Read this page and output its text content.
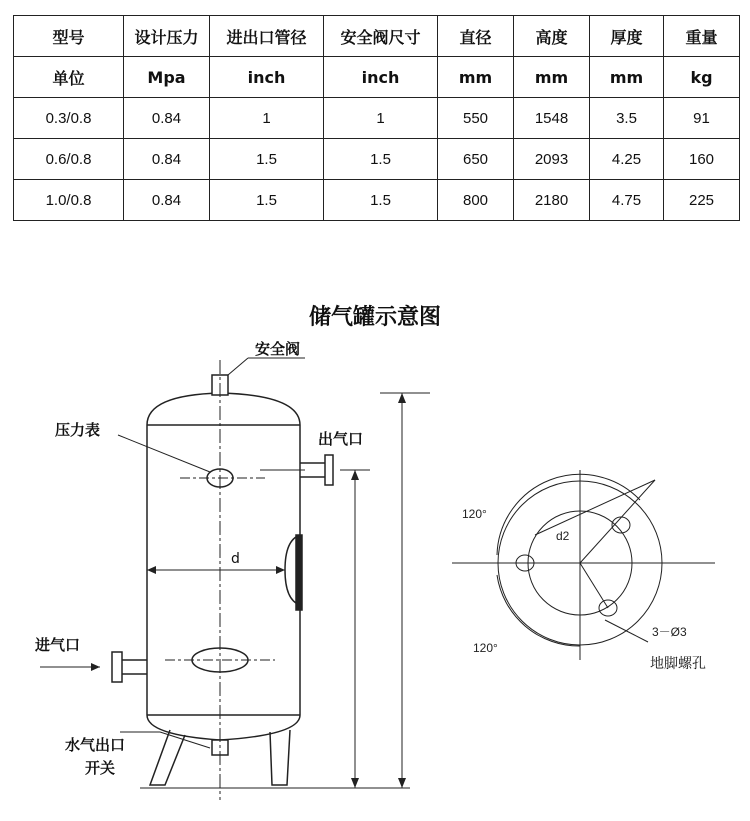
型号	设计压力	进出口管径	安全阀尺寸	直径	高度	厚度	重量
单位	Mpa	inch	inch	mm	mm	mm	kg
0.3/0.8	0.84	1	1	550	1548	3.5	91
0.6/0.8	0.84	1.5	1.5	650	2093	4.25	160
1.0/0.8	0.84	1.5	1.5	800	2180	4.75	225
储气罐示意图
安全阀
压力表	出气口
进气口
水气出口
开关
d
120°
120°
d2
3－Ø3
地脚螺孔
